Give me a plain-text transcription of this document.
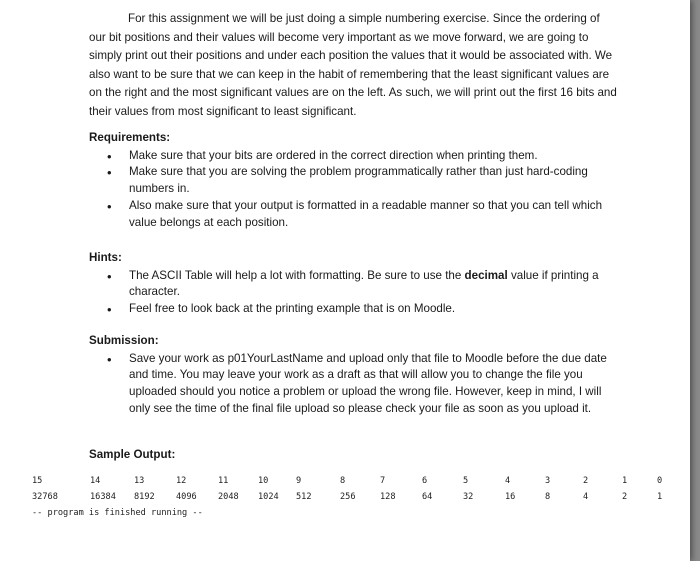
For this assignment we will be just doing a simple numbering exercise. Since the ordering of our bit positions and their values will become very important as we move forward, we are going to simply print out their positions and under each position the values that it would be associated with. We also want to be sure that we can keep in the habit of remembering that the least significant values are on the right and the most significant values are on the left. As such, we will print out the first 16 bits and their values from most significant to least significant.

Requirements:

• Make sure that your bits are ordered in the correct direction when printing them.
• Make sure that you are solving the problem programmatically rather than just hard-coding numbers in.
• Also make sure that your output is formatted in a readable manner so that you can tell which value belongs at each position.

Hints:

• The ASCII Table will help a lot with formatting. Be sure to use the decimal value if printing a character.
• Feel free to look back at the printing example that is on Moodle.

Submission:

• Save your work as p01YourLastName and upload only that file to Moodle before the due date and time. You may leave your work as a draft as that will allow you to change the file you uploaded should you notice a problem or upload the wrong file. However, keep in mind, I will only see the time of the final file upload so please check your file as soon as you upload it.

Sample Output:

15	14	13	12	11	10	9	8	7	6	5	4	3	2	1	0
32768	16384 8192 4096 2048 1024 512	256	128	64	32	16	8	4	2	1
-- program is finished running --
